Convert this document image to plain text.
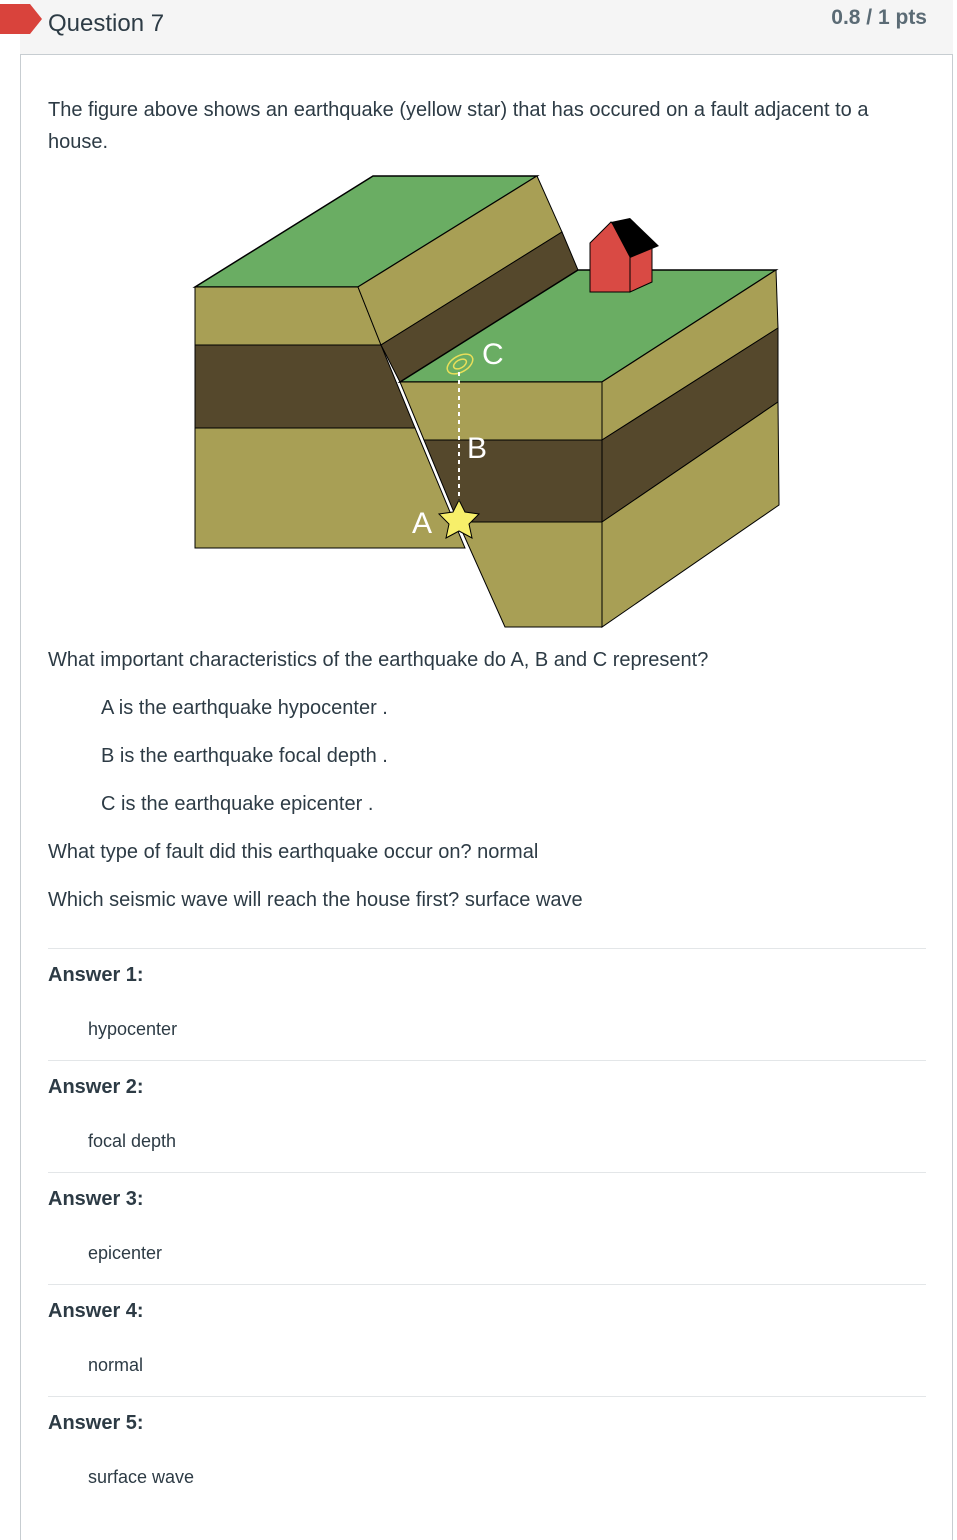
Question 7	0.8 / 1 pts
The figure above shows an earthquake (yellow star) that has occured on a fault adjacent to a house.
A
B
C
What important characteristics of the earthquake do A, B and C represent?
A is the earthquake hypocenter .
B is the earthquake focal depth .
C is the earthquake epicenter .
What type of fault did this earthquake occur on? normal
Which seismic wave will reach the house first? surface wave
Answer 1:
hypocenter
Answer 2:
focal depth
Answer 3:
epicenter
Answer 4:
normal
Answer 5:
surface wave
